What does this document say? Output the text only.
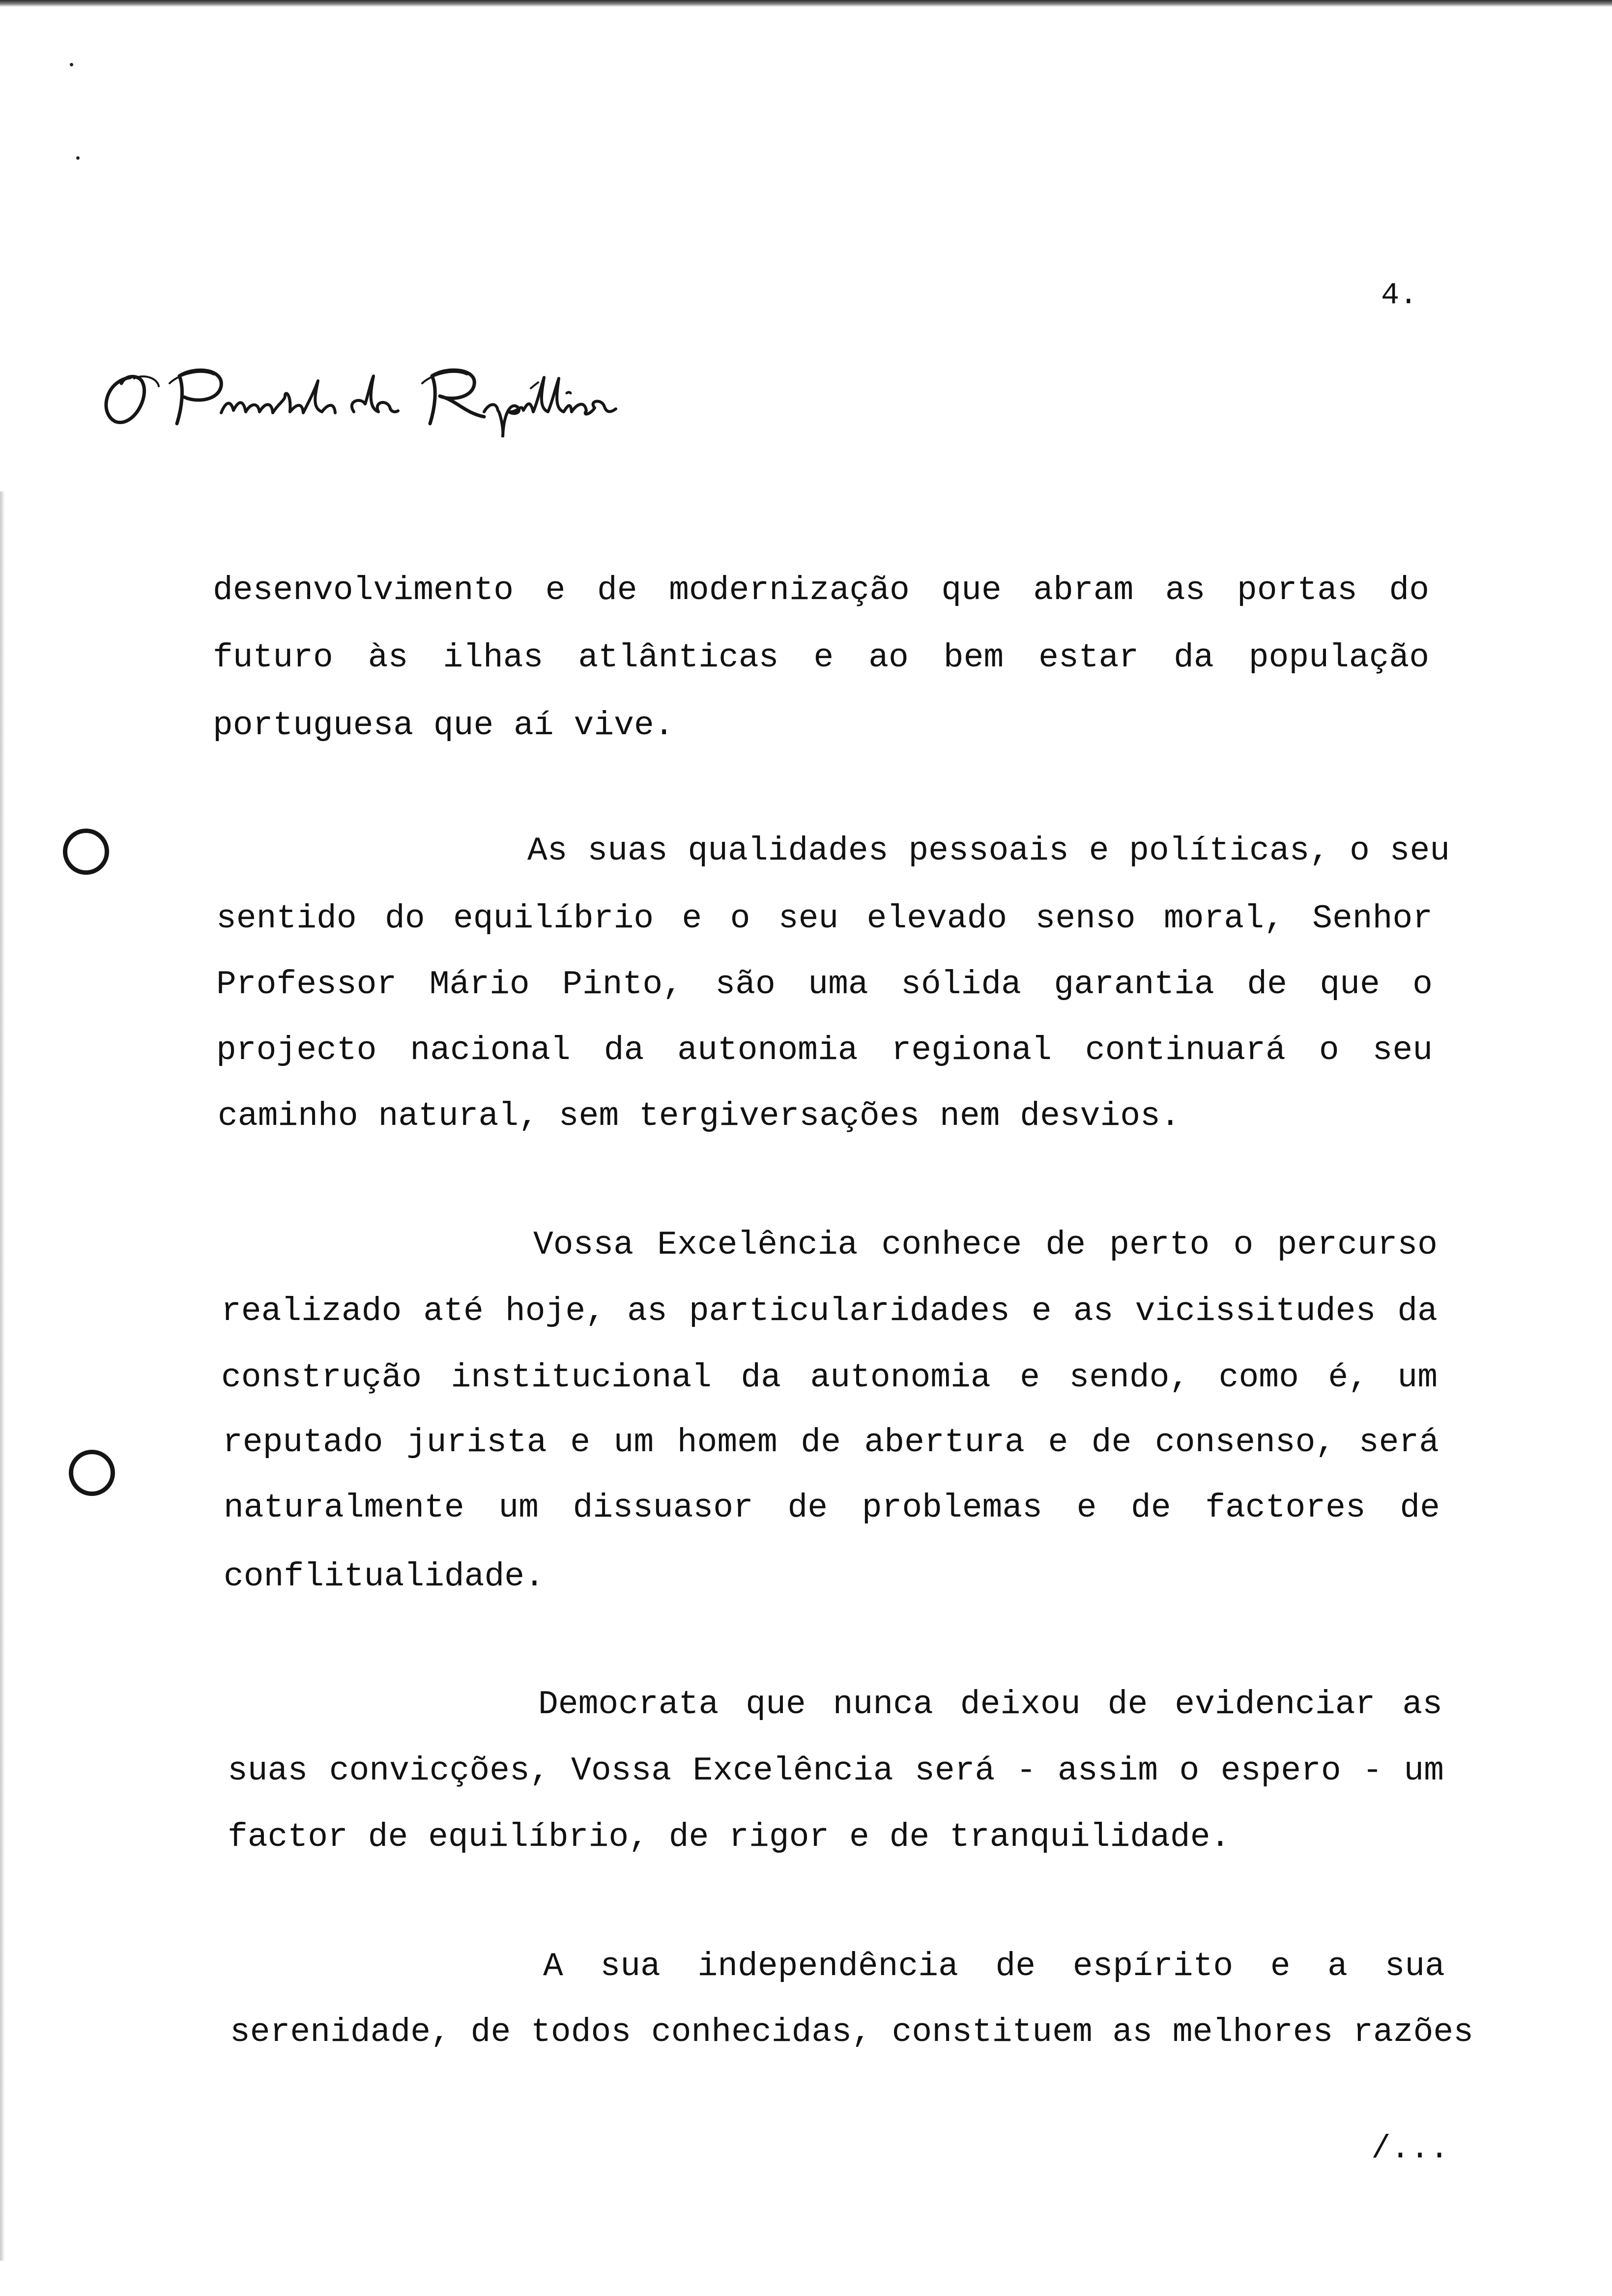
4.
desenvolvimento e de modernização que abram as portas do
futuro às ilhas atlânticas e ao bem estar da população
portuguesa que aí vive.
As suas qualidades pessoais e políticas, o seu
sentido do equilíbrio e o seu elevado senso moral, Senhor
Professor Mário Pinto, são uma sólida garantia de que o
projecto nacional da autonomia regional continuará o seu
caminho natural, sem tergiversações nem desvios.
Vossa Excelência conhece de perto o percurso
realizado até hoje, as particularidades e as vicissitudes da
construção institucional da autonomia e sendo, como é, um
reputado jurista e um homem de abertura e de consenso, será
naturalmente um dissuasor de problemas e de factores de
conflitualidade.
Democrata que nunca deixou de evidenciar as
suas convicções, Vossa Excelência será - assim o espero - um
factor de equilíbrio, de rigor e de tranquilidade.
A sua independência de espírito e a sua
serenidade, de todos conhecidas, constituem as melhores razões
/...
